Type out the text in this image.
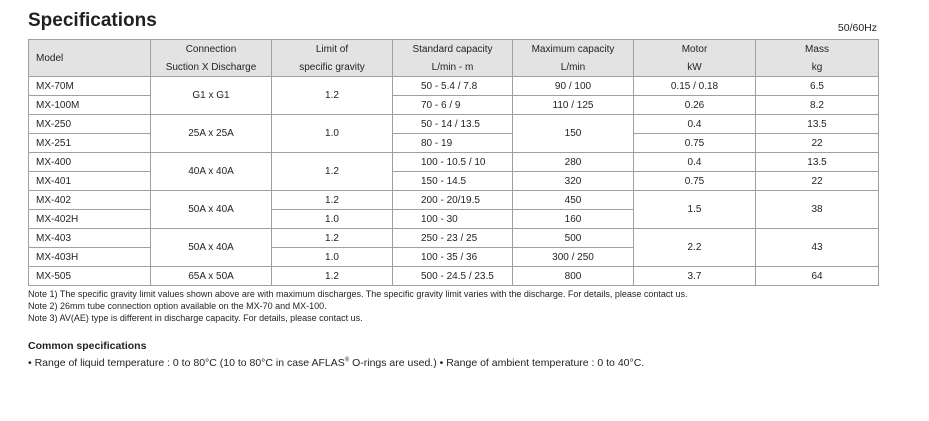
Specifications	50/60Hz
Model	Connection	Limit of	Standard capacity	Maximum capacity	Motor	Mass
	Suction X Discharge	specific gravity	L/min - m	L/min	kW	kg
MX-70M	G1 x G1	1.2	50 - 5.4 / 7.8	90 / 100	0.15 / 0.18	6.5
MX-100M			70 - 6 / 9	110 / 125	0.26	8.2
MX-250	25A x 25A	1.0	50 - 14 / 13.5	150	0.4	13.5
MX-251			80 - 19		0.75	22
MX-400	40A x 40A	1.2	100 - 10.5 / 10	280	0.4	13.5
MX-401			150 - 14.5	320	0.75	22
MX-402	50A x 40A	1.2	200 - 20/19.5	450	1.5	38
MX-402H		1.0	100 - 30	160		
MX-403	50A x 40A	1.2	250 - 23 / 25	500	2.2	43
MX-403H		1.0	100 - 35 / 36	300 / 250		
MX-505	65A x 50A	1.2	500 - 24.5 / 23.5	800	3.7	64
Note 1) The specific gravity limit values shown above are with maximum discharges. The specific gravity limit varies with the discharge. For details, please contact us.
Note 2) 26mm tube connection option available on the MX-70 and MX-100.
Note 3) AV(AE) type is different in discharge capacity. For details, please contact us.
Common specifications
• Range of liquid temperature : 0 to 80°C (10 to 80°C in case AFLAS® O-rings are used.) • Range of ambient temperature : 0 to 40°C.
